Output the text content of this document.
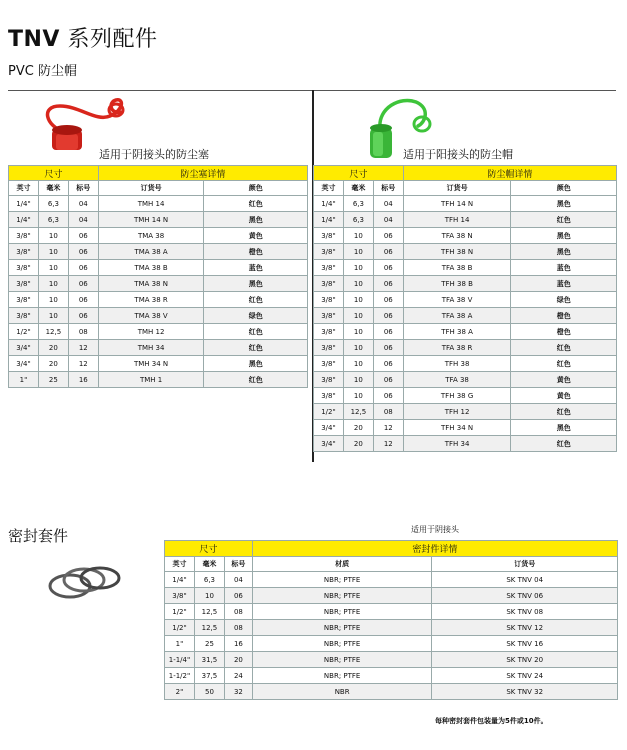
TNV 系列配件
PVC 防尘帽
适用于阴接头的防尘塞	适用于阳接头的防尘帽
尺寸			防尘塞详情	
英寸	毫米	标号	订货号	颜色
1/4"	6,3	04	TMH 14	红色
1/4"	6,3	04	TMH 14 N	黑色
3/8"	10	06	TMA 38	黄色
3/8"	10	06	TMA 38 A	橙色
3/8"	10	06	TMA 38 B	蓝色
3/8"	10	06	TMA 38 N	黑色
3/8"	10	06	TMA 38 R	红色
3/8"	10	06	TMA 38 V	绿色
1/2"	12,5	08	TMH 12	红色
3/4"	20	12	TMH 34	红色
3/4"	20	12	TMH 34 N	黑色
1"	25	16	TMH 1	红色
尺寸			防尘帽详情	
英寸	毫米	标号	订货号	颜色
1/4"	6,3	04	TFH 14 N	黑色
1/4"	6,3	04	TFH 14	红色
3/8"	10	06	TFA 38 N	黑色
3/8"	10	06	TFH 38 N	黑色
3/8"	10	06	TFA 38 B	蓝色
3/8"	10	06	TFH 38 B	蓝色
3/8"	10	06	TFA 38 V	绿色
3/8"	10	06	TFA 38 A	橙色
3/8"	10	06	TFH 38 A	橙色
3/8"	10	06	TFA 38 R	红色
3/8"	10	06	TFH 38	红色
3/8"	10	06	TFA 38	黄色
3/8"	10	06	TFH 38 G	黄色
1/2"	12,5	08	TFH 12	红色
3/4"	20	12	TFH 34 N	黑色
3/4"	20	12	TFH 34	红色
密封套件	适用于阴接头
尺寸			密封件详情	
英寸	毫米	标号	材质	订货号
1/4"	6,3	04	NBR; PTFE	SK TNV 04
3/8"	10	06	NBR; PTFE	SK TNV 06
1/2"	12,5	08	NBR; PTFE	SK TNV 08
1/2"	12,5	08	NBR; PTFE	SK TNV 12
1"	25	16	NBR; PTFE	SK TNV 16
1-1/4"	31,5	20	NBR; PTFE	SK TNV 20
1-1/2"	37,5	24	NBR; PTFE	SK TNV 24
2"	50	32	NBR	SK TNV 32
每种密封套件包装量为5件或10件。
